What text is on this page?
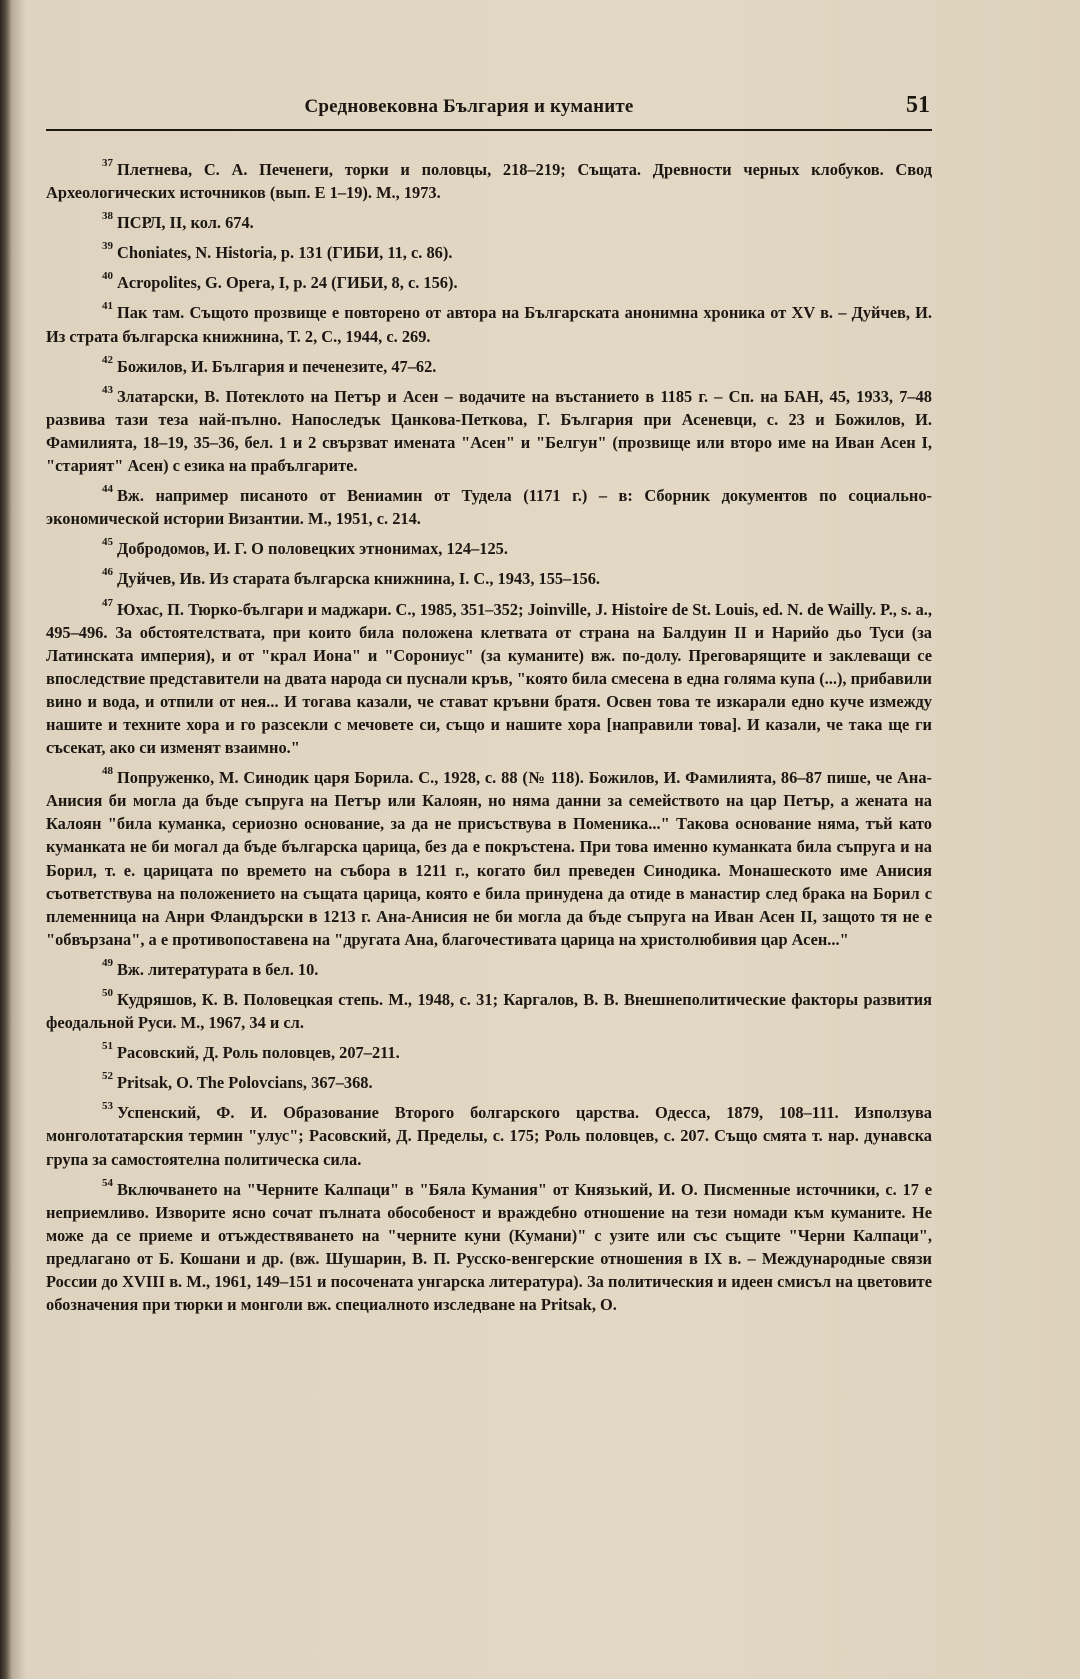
Средновековна България и куманите	51

$^{37}$ Плетнева, С. А. Печенеги, торки и половцы, 218–219; Същата. Древности черных клобуков. Свод Археологических источников (вып. Е 1–19). М., 1973.

$^{38}$ ПСРЛ, II, кол. 674.

$^{39}$ Choniates, N. Historia, p. 131 (ГИБИ, 11, с. 86).

$^{40}$ Acropolites, G. Opera, I, p. 24 (ГИБИ, 8, с. 156).

$^{41}$ Пак там. Същото прозвище е повторено от автора на Българската анонимна хроника от XV в. – Дуйчев, И. Из страта българска книжнина, Т. 2, С., 1944, с. 269.

$^{42}$ Божилов, И. България и печенезите, 47–62.

$^{43}$ Златарски, В. Потеклото на Петър и Асен – водачите на въстанието в 1185 г. – Сп. на БАН, 45, 1933, 7–48 развива тази теза най-пълно. Напоследък Цанкова-Петкова, Г. България при Асеневци, с. 23 и Божилов, И. Фамилията, 18–19, 35–36, бел. 1 и 2 свързват имената "Асен" и "Белгун" (прозвище или второ име на Иван Асен I, "старият" Асен) с езика на прабългарите.

$^{44}$ Вж. например писаното от Вениамин от Тудела (1171 г.) – в: Сборник документов по социально-экономической истории Византии. М., 1951, с. 214.

$^{45}$ Добродомов, И. Г. О половецких этнонимах, 124–125.

$^{46}$ Дуйчев, Ив. Из старата българска книжнина, I. С., 1943, 155–156.

$^{47}$ Юхас, П. Тюрко-българи и маджари. С., 1985, 351–352; Joinville, J. Histoire de St. Louis, ed. N. de Wailly. P., s. a., 495–496. За обстоятелствата, при които била положена клетвата от страна на Балдуин II и Нарийо дьо Туси (за Латинската империя), и от "крал Иона" и "Сорониус" (за куманите) вж. по-долу. Преговарящите и заклеващи се впоследствие представители на двата народа си пуснали кръв, "която била смесена в една голяма купа (...), прибавили вино и вода, и отпили от нея... И тогава казали, че стават кръвни братя. Освен това те изкарали едно куче измежду нашите и техните хора и го разсекли с мечовете си, също и нашите хора [направили това]. И казали, че така ще ги съсекат, ако си изменят взаимно."

$^{48}$ Попруженко, М. Синодик царя Борила. С., 1928, с. 88 (№ 118). Божилов, И. Фамилията, 86–87 пише, че Ана-Анисия би могла да бъде съпруга на Петър или Калоян, но няма данни за семейството на цар Петър, а жената на Калоян "била куманка, сериозно основание, за да не присъствува в Поменика..." Такова основание няма, тъй като куманката не би могал да бъде българска царица, без да е покръстена. При това именно куманката била съпруга и на Борил, т. е. царицата по времето на събора в 1211 г., когато бил преведен Синодика. Монашеското име Анисия съответствува на положението на същата царица, която е била принудена да отиде в манастир след брака на Борил с племенница на Анри Фландърски в 1213 г. Ана-Анисия не би могла да бъде съпруга на Иван Асен II, защото тя не е "обвързана", а е противопоставена на "другата Ана, благочестивата царица на христолюбивия цар Асен..."

$^{49}$ Вж. литературата в бел. 10.

$^{50}$ Кудряшов, К. В. Половецкая степь. М., 1948, с. 31; Каргалов, В. В. Внешнеполитические факторы развития феодальной Руси. М., 1967, 34 и сл.

$^{51}$ Расовский, Д. Роль половцев, 207–211.

$^{52}$ Pritsak, O. The Polovcians, 367–368.

$^{53}$ Успенский, Ф. И. Образование Второго болгарского царства. Одесса, 1879, 108–111. Използува монголотатарския термин "улус"; Расовский, Д. Пределы, с. 175; Роль половцев, с. 207. Също смята т. нар. дунавска група за самостоятелна политическа сила.

$^{54}$ Включването на "Черните Калпаци" в "Бяла Кумания" от Князький, И. О. Писменные источники, с. 17 е неприемливо. Изворите ясно сочат пълната обособеност и враждебно отношение на тези номади към куманите. Не може да се приеме и отъждествяването на "черните куни (Кумани)" с узите или със същите "Черни Калпаци", предлагано от Б. Кошани и др. (вж. Шушарин, В. П. Русско-венгерские отношения в IX в. – Международные связи России до XVIII в. М., 1961, 149–151 и посочената унгарска литература). За политическия и идеен смисъл на цветовите обозначения при тюрки и монголи вж. специалното изследване на Pritsak, O.
